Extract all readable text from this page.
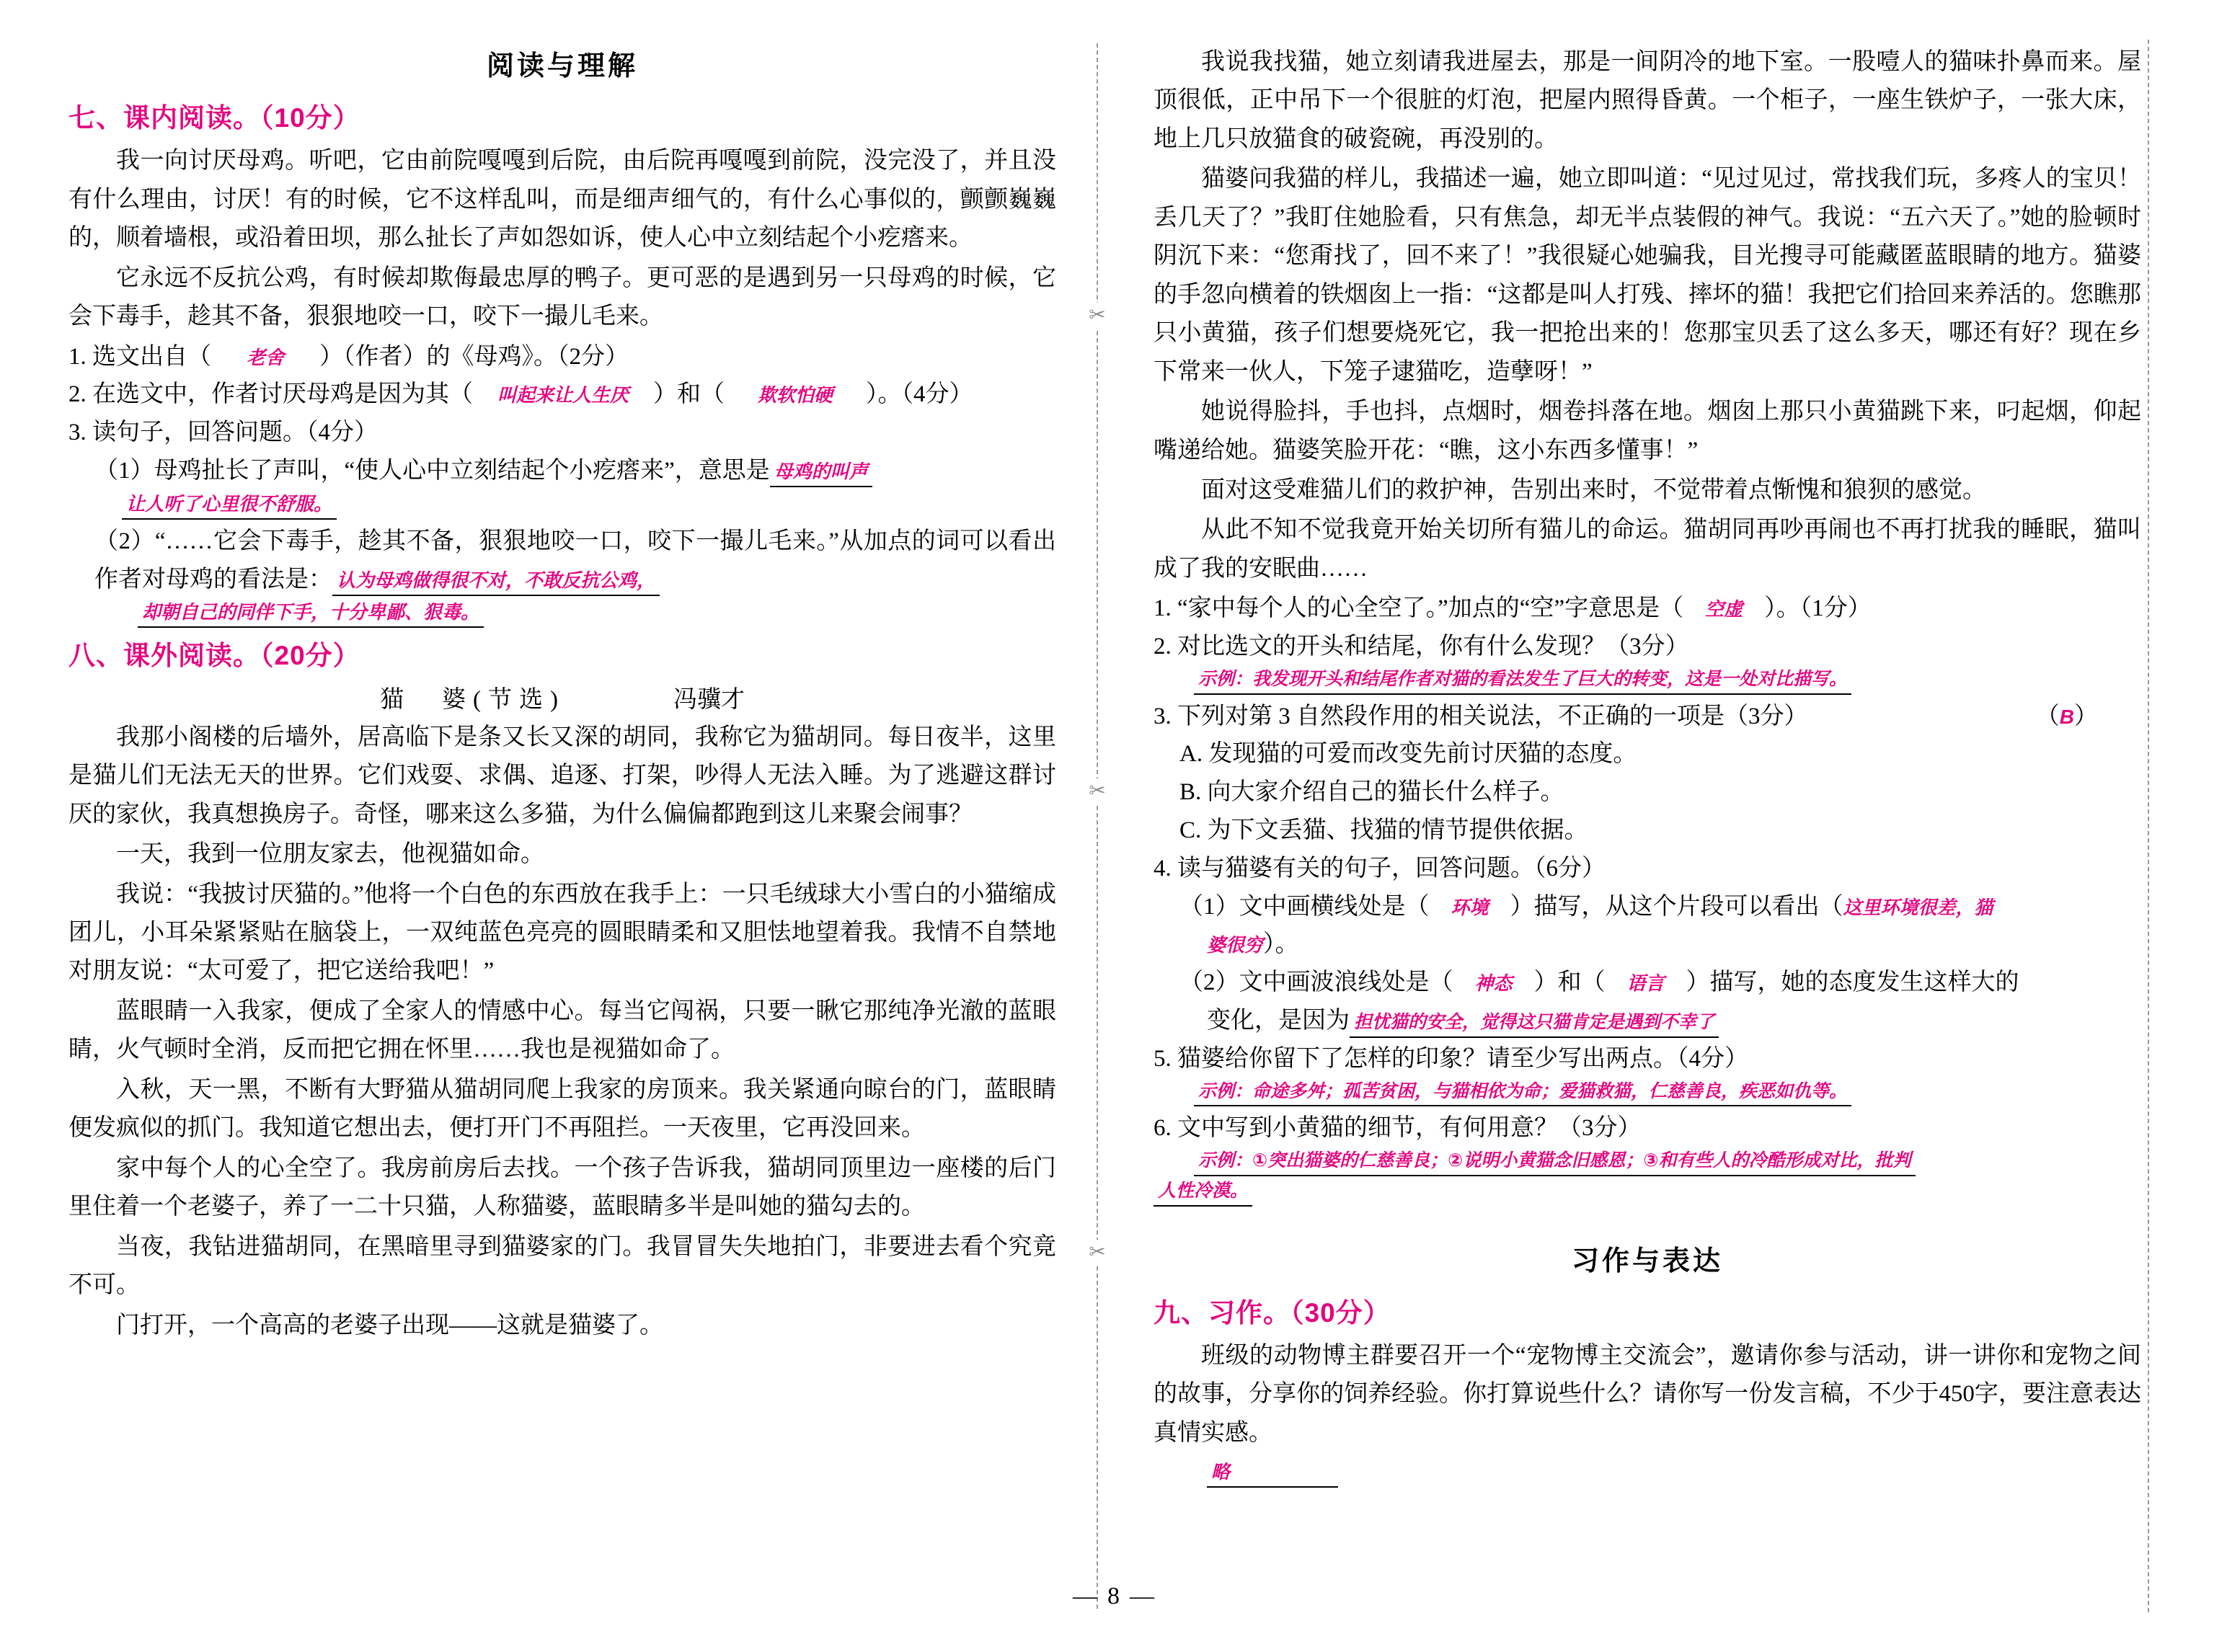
✂
✂
✂
阅读与理解
七、课内阅读。（10分）

我一向讨厌母鸡。听吧，它由前院嘎嘎到后院，由后院再嘎嘎到前院，没完没了，并且没有什么理由，讨厌！有的时候，它不这样乱叫，而是细声细气的，有什么心事似的，颤颤巍巍的，顺着墙根，或沿着田坝，那么扯长了声如怨如诉，使人心中立刻结起个小疙瘩来。

它永远不反抗公鸡，有时候却欺侮最忠厚的鸭子。更可恶的是遇到另一只母鸡的时候，它会下毒手，趁其不备，狠狠地咬一口，咬下一撮儿毛来。

1. 选文出自（ 老舍 ）（作者）的《母鸡》。（2分）

2. 在选文中，作者讨厌母鸡是因为其（ 叫起来让人生厌 ）和（ 欺软怕硬 ）。（4分）

3. 读句子，回答问题。（4分）

（1）母鸡扯长了声叫，“使人心中立刻结起个小疙瘩来”，意思是 母鸡的叫声

让人听了心里很不舒服。

（2）“……它会下毒手，趁其不备，狠狠地咬一口，咬下一撮儿毛来。”从加点的词可以看出作者对母鸡的看法是： 认为母鸡做得很不对，不敢反抗公鸡，

却朝自己的同伴下手，十分卑鄙、狠毒。
八、课外阅读。（20分）
猫　婆(节选)	冯骥才

我那小阁楼的后墙外，居高临下是条又长又深的胡同，我称它为猫胡同。每日夜半，这里是猫儿们无法无天的世界。它们戏耍、求偶、追逐、打架，吵得人无法入睡。为了逃避这群讨厌的家伙，我真想换房子。奇怪，哪来这么多猫，为什么偏偏都跑到这儿来聚会闹事？

一天，我到一位朋友家去，他视猫如命。

我说：“我披讨厌猫的。”他将一个白色的东西放在我手上：一只毛绒球大小雪白的小猫缩成团儿，小耳朵紧紧贴在脑袋上，一双纯蓝色亮亮的圆眼睛柔和又胆怯地望着我。我情不自禁地对朋友说：“太可爱了，把它送给我吧！”

蓝眼睛一入我家，便成了全家人的情感中心。每当它闯祸，只要一瞅它那纯净光澈的蓝眼睛，火气顿时全消，反而把它拥在怀里……我也是视猫如命了。

入秋，天一黑，不断有大野猫从猫胡同爬上我家的房顶来。我关紧通向晾台的门，蓝眼睛便发疯似的抓门。我知道它想出去，便打开门不再阻拦。一天夜里，它再没回来。

家中每个人的心全空了。我房前房后去找。一个孩子告诉我，猫胡同顶里边一座楼的后门里住着一个老婆子，养了一二十只猫，人称猫婆，蓝眼睛多半是叫她的猫勾去的。

当夜，我钻进猫胡同，在黑暗里寻到猫婆家的门。我冒冒失失地拍门，非要进去看个究竟不可。

门打开，一个高高的老婆子出现——这就是猫婆了。

我说我找猫，她立刻请我进屋去，那是一间阴冷的地下室。一股噎人的猫味扑鼻而来。屋顶很低，正中吊下一个很脏的灯泡，把屋内照得昏黄。一个柜子，一座生铁炉子，一张大床，地上几只放猫食的破瓷碗，再没别的。

猫婆问我猫的样儿，我描述一遍，她立即叫道：“见过见过，常找我们玩，多疼人的宝贝！丢几天了？”我盯住她脸看，只有焦急，却无半点装假的神气。我说：“五六天了。”她的脸顿时阴沉下来：“您甭找了，回不来了！”我很疑心她骗我，目光搜寻可能藏匿蓝眼睛的地方。猫婆的手忽向横着的铁烟囱上一指：“这都是叫人打残、摔坏的猫！我把它们拾回来养活的。您瞧那只小黄猫，孩子们想要烧死它，我一把抢出来的！您那宝贝丢了这么多天，哪还有好？现在乡下常来一伙人，下笼子逮猫吃，造孽呀！”

她说得脸抖，手也抖，点烟时，烟卷抖落在地。烟囱上那只小黄猫跳下来，叼起烟，仰起嘴递给她。猫婆笑脸开花：“瞧，这小东西多懂事！”

面对这受难猫儿们的救护神，告别出来时，不觉带着点惭愧和狼狈的感觉。

从此不知不觉我竟开始关切所有猫儿的命运。猫胡同再吵再闹也不再打扰我的睡眠，猫叫成了我的安眠曲……

1. “家中每个人的心全空了。”加点的“空”字意思是（ 空虚 ）。（1分）

2. 对比选文的开头和结尾，你有什么发现？（3分）

示例：我发现开头和结尾作者对猫的看法发生了巨大的转变，这是一处对比描写。

3. 下列对第 3 自然段作用的相关说法，不正确的一项是（3分）	（B）

A. 发现猫的可爱而改变先前讨厌猫的态度。

B. 向大家介绍自己的猫长什么样子。

C. 为下文丢猫、找猫的情节提供依据。

4. 读与猫婆有关的句子，回答问题。（6分）

（1）文中画横线处是（ 环境 ）描写，从这个片段可以看出（这里环境很差，猫

婆很穷）。

（2）文中画波浪线处是（ 神态 ）和（ 语言 ）描写，她的态度发生这样大的

变化，是因为 担忧猫的安全，觉得这只猫肯定是遇到不幸了

5. 猫婆给你留下了怎样的印象？请至少写出两点。（4分）

示例：命途多舛；孤苦贫困，与猫相依为命；爱猫救猫，仁慈善良，疾恶如仇等。

6. 文中写到小黄猫的细节，有何用意？（3分）

示例：①突出猫婆的仁慈善良；②说明小黄猫念旧感恩；③和有些人的冷酷形成对比，批判
人性冷漠。
习作与表达
九、习作。（30分）

班级的动物博主群要召开一个“宠物博主交流会”，邀请你参与活动，讲一讲你和宠物之间的故事，分享你的饲养经验。你打算说些什么？请你写一份发言稿，不少于450字，要注意表达真情实感。

略
— 8 —
